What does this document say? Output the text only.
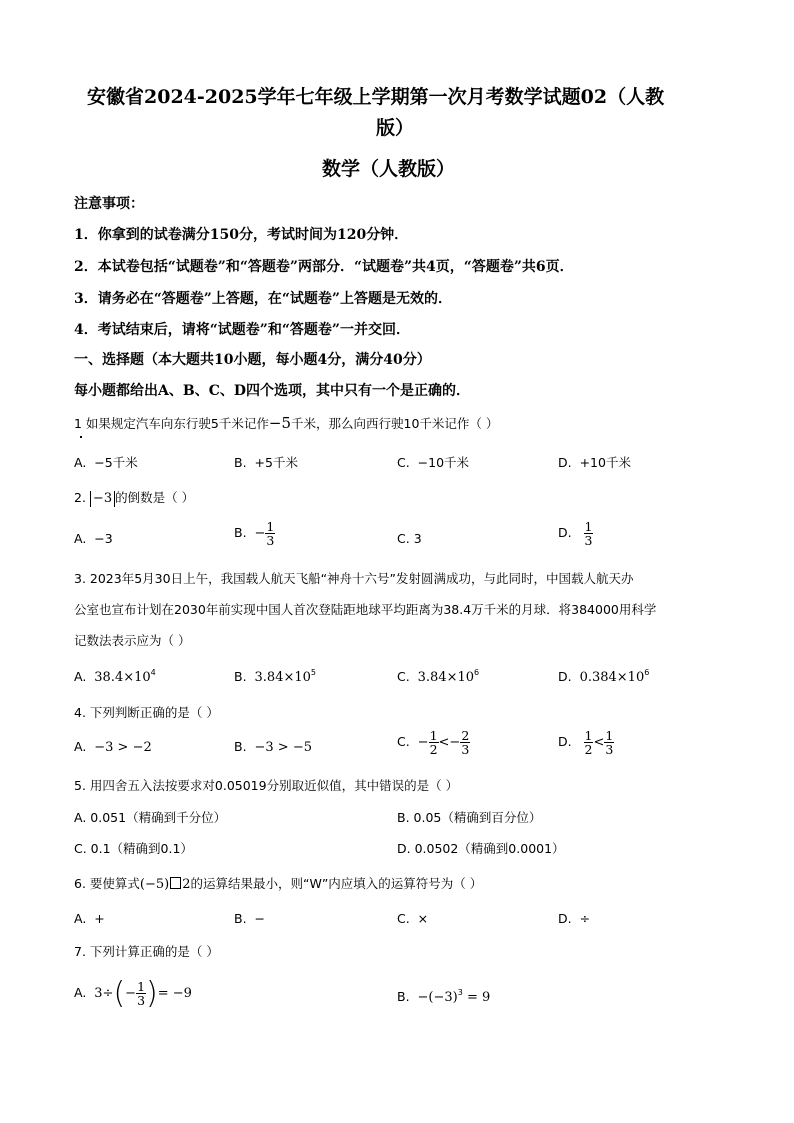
安徽省2024-2025学年七年级上学期第一次月考数学试题02（人教
版）
数学（人教版）
注意事项：
1．你拿到的试卷满分150分，考试时间为120分钟．
2．本试卷包括“试题卷”和“答题卷”两部分．“试题卷”共4页，“答题卷”共6页．
3．请务必在“答题卷”上答题，在“试题卷”上答题是无效的．
4．考试结束后，请将“试题卷”和“答题卷”一并交回．
一、选择题（本大题共10小题，每小题4分，满分40分）
每小题都给出A、B、C、D四个选项，其中只有一个是正确的．
1 如果规定汽车向东行驶5千米记作−5千米，那么向西行驶10千米记作（ ）
A. −5千米	B. +5千米	C. −10千米	D. +10千米
2. −3 的倒数是（ ）
A. −3	B. − $\frac{1}{3}$	C. 3	D. $\frac{1}{3}$
3. 2023年5月30日上午，我国载人航天飞船“神舟十六号”发射圆满成功，与此同时，中国载人航天办
公室也宣布计划在2030年前实现中国人首次登陆距地球平均距离为38.4万千米的月球．将384000用科学
记数法表示应为（ ）
A. $38.4\times 10^4$	B. $3.84\times 10^5$	C. $3.84\times 10^6$	D. $0.384\times 10^6$
4. 下列判断正确的是（ ）
A. −3 > −2	B. −3 > −5	C. − $\frac{1}{2} <- \frac{2}{3}$	D. $\frac{1}{2} < \frac{1}{3}$
5. 用四舍五入法按要求对0.05019分别取近似值，其中错误的是（ ）
A. 0.051（精确到千分位）	B. 0.05（精确到百分位）
C. 0.1（精确到0.1）	D. 0.0502（精确到0.0001）
6. 要使算式(−5) 2的运算结果最小，则“W”内应填入的运算符号为（ ）
A. +	B. −	C. ×	D. ÷
7. 下列计算正确的是（ ）
A. $3\div(- \frac{1}{3}$ )= −9	B. $-(-3)^3 = 9$
